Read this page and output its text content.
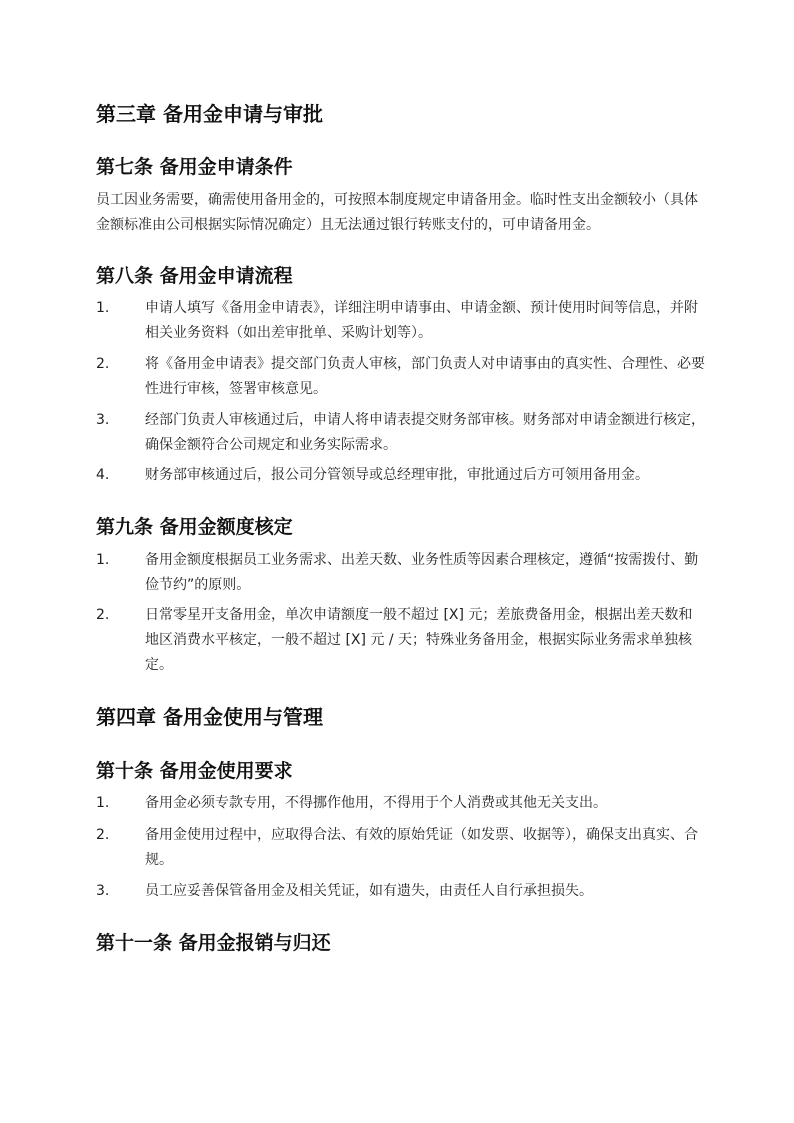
第三章 备用金申请与审批
第七条 备用金申请条件

员工因业务需要，确需使用备用金的，可按照本制度规定申请备用金。临时性支出金额较小（具体金额标准由公司根据实际情况确定）且无法通过银行转账支付的，可申请备用金。

第八条 备用金申请流程
1.	申请人填写《备用金申请表》，详细注明申请事由、申请金额、预计使用时间等信息，并附相关业务资料（如出差审批单、采购计划等）。
2.	将《备用金申请表》提交部门负责人审核，部门负责人对申请事由的真实性、合理性、必要性进行审核，签署审核意见。
3.	经部门负责人审核通过后，申请人将申请表提交财务部审核。财务部对申请金额进行核定，确保金额符合公司规定和业务实际需求。
4.	财务部审核通过后，报公司分管领导或总经理审批，审批通过后方可领用备用金。
第九条 备用金额度核定
1.	备用金额度根据员工业务需求、出差天数、业务性质等因素合理核定，遵循“按需拨付、勤俭节约”的原则。
2.	日常零星开支备用金，单次申请额度一般不超过 [X] 元；差旅费备用金，根据出差天数和地区消费水平核定，一般不超过 [X] 元 / 天；特殊业务备用金，根据实际业务需求单独核定。
第四章 备用金使用与管理
第十条 备用金使用要求
1.	备用金必须专款专用，不得挪作他用，不得用于个人消费或其他无关支出。
2.	备用金使用过程中，应取得合法、有效的原始凭证（如发票、收据等），确保支出真实、合规。
3.	员工应妥善保管备用金及相关凭证，如有遗失，由责任人自行承担损失。
第十一条 备用金报销与归还
